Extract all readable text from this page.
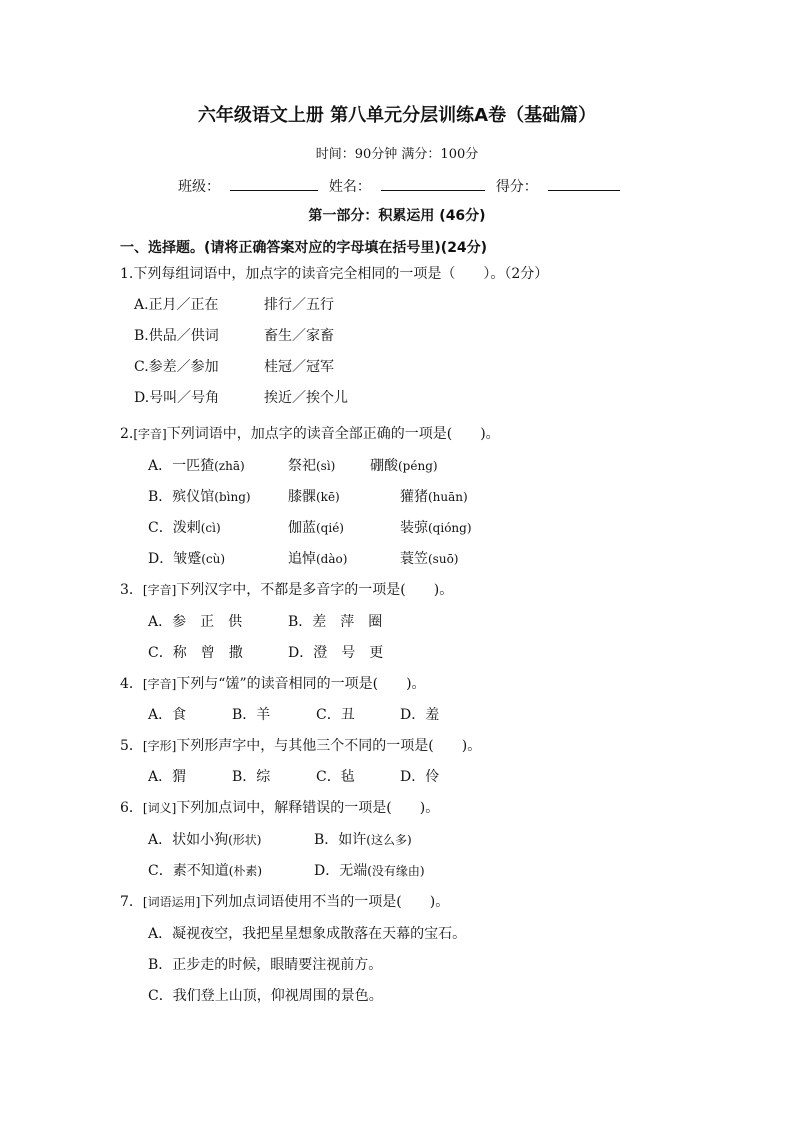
六年级语文上册 第八单元分层训练A卷（基础篇）
时间：90分钟 满分：100分
班级：	姓名：	得分：
第一部分：积累运用 (46分)
一、选择题。(请将正确答案对应的字母填在括号里)(24分)
1.下列每组词语中，加点字的读音完全相同的一项是（　　）。（2分）
A.正月／正在	排行／五行
B.供品／供词	畜生／家畜
C.参差／参加	桂冠／冠军
D.号叫／号角	挨近／挨个儿
2.[字音]下列词语中，加点字的读音全部正确的一项是(　　)。
A．一匹猹(zhā)	祭祀(sì) 硼酸(péng)
B．殡仪馆(bìng)	膝髁(kē)	獾猪(huān)
C．泼剌(cì)	伽蓝(qié)	装弶(qióng)
D．皱蹙(cù)	追悼(dào)	蓑笠(suō)
3．[字音]下列汉字中，不都是多音字的一项是(　　)。
A．参　正　供	B．差　萍　圈
C．称　曾　撒	D．澄　号　更
4．[字音]下列与“馐”的读音相同的一项是(　　)。
A．食	B．羊	C．丑	D．羞
5．[字形]下列形声字中，与其他三个不同的一项是(　　)。
A．猬	B．综	C．毡	D．伶
6．[词义]下列加点词中，解释错误的一项是(　　)。
A．状如小狗(形状)	B．如许(这么多)
C．素不知道(朴素)	D．无端(没有缘由)
7．[词语运用]下列加点词语使用不当的一项是(　　)。
A．凝视夜空，我把星星想象成散落在天幕的宝石。
B．正步走的时候，眼睛要注视前方。
C．我们登上山顶，仰视周围的景色。
